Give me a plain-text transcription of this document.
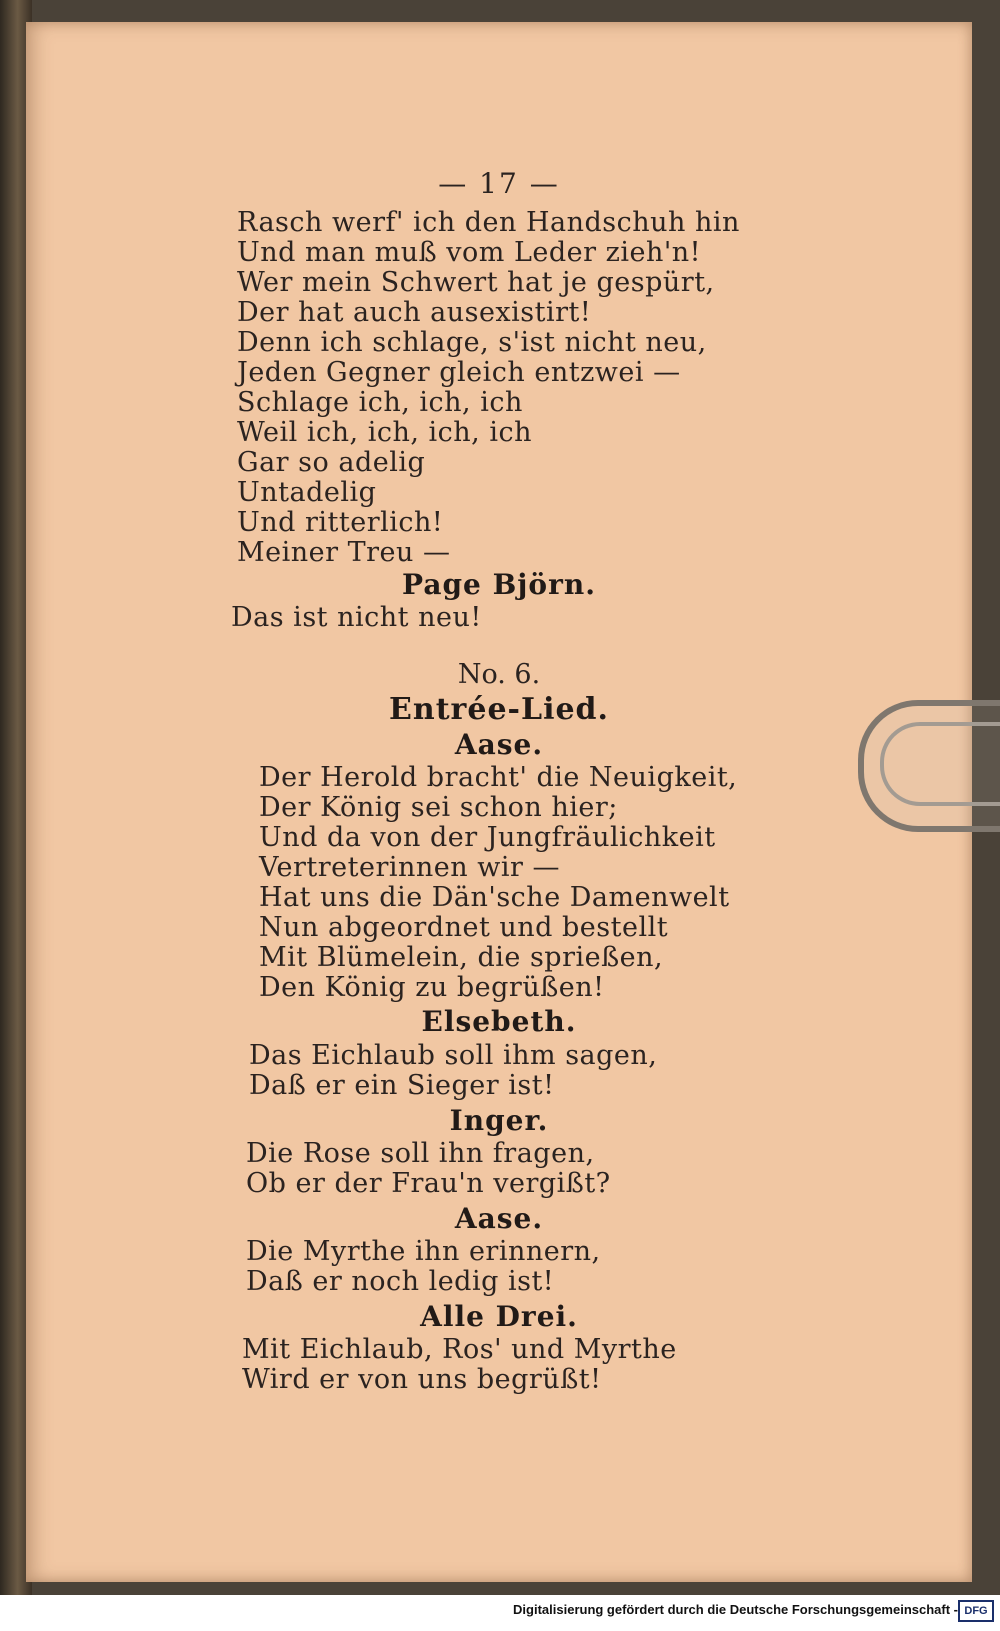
— 17 —
Rasch werf' ich den Handschuh hin
Und man muß vom Leder zieh'n!
Wer mein Schwert hat je gespürt,
Der hat auch ausexistirt!
Denn ich schlage, s'ist nicht neu,
Jeden Gegner gleich entzwei —
Schlage ich, ich, ich
Weil ich, ich, ich, ich
Gar so adelig
Untadelig
Und ritterlich!
Meiner Treu —
Page Björn.
Das ist nicht neu!
No. 6.
Entrée-Lied.
Aase.
Der Herold bracht' die Neuigkeit,
Der König sei schon hier;
Und da von der Jungfräulichkeit
Vertreterinnen wir —
Hat uns die Dän'sche Damenwelt
Nun abgeordnet und bestellt
Mit Blümelein, die sprießen,
Den König zu begrüßen!
Elsebeth.
Das Eichlaub soll ihm sagen,
Daß er ein Sieger ist!
Inger.
Die Rose soll ihn fragen,
Ob er der Frau'n vergißt?
Aase.
Die Myrthe ihn erinnern,
Daß er noch ledig ist!
Alle Drei.
Mit Eichlaub, Ros' und Myrthe
Wird er von uns begrüßt!
Digitalisierung gefördert durch die Deutsche Forschungsgemeinschaft - DFG
